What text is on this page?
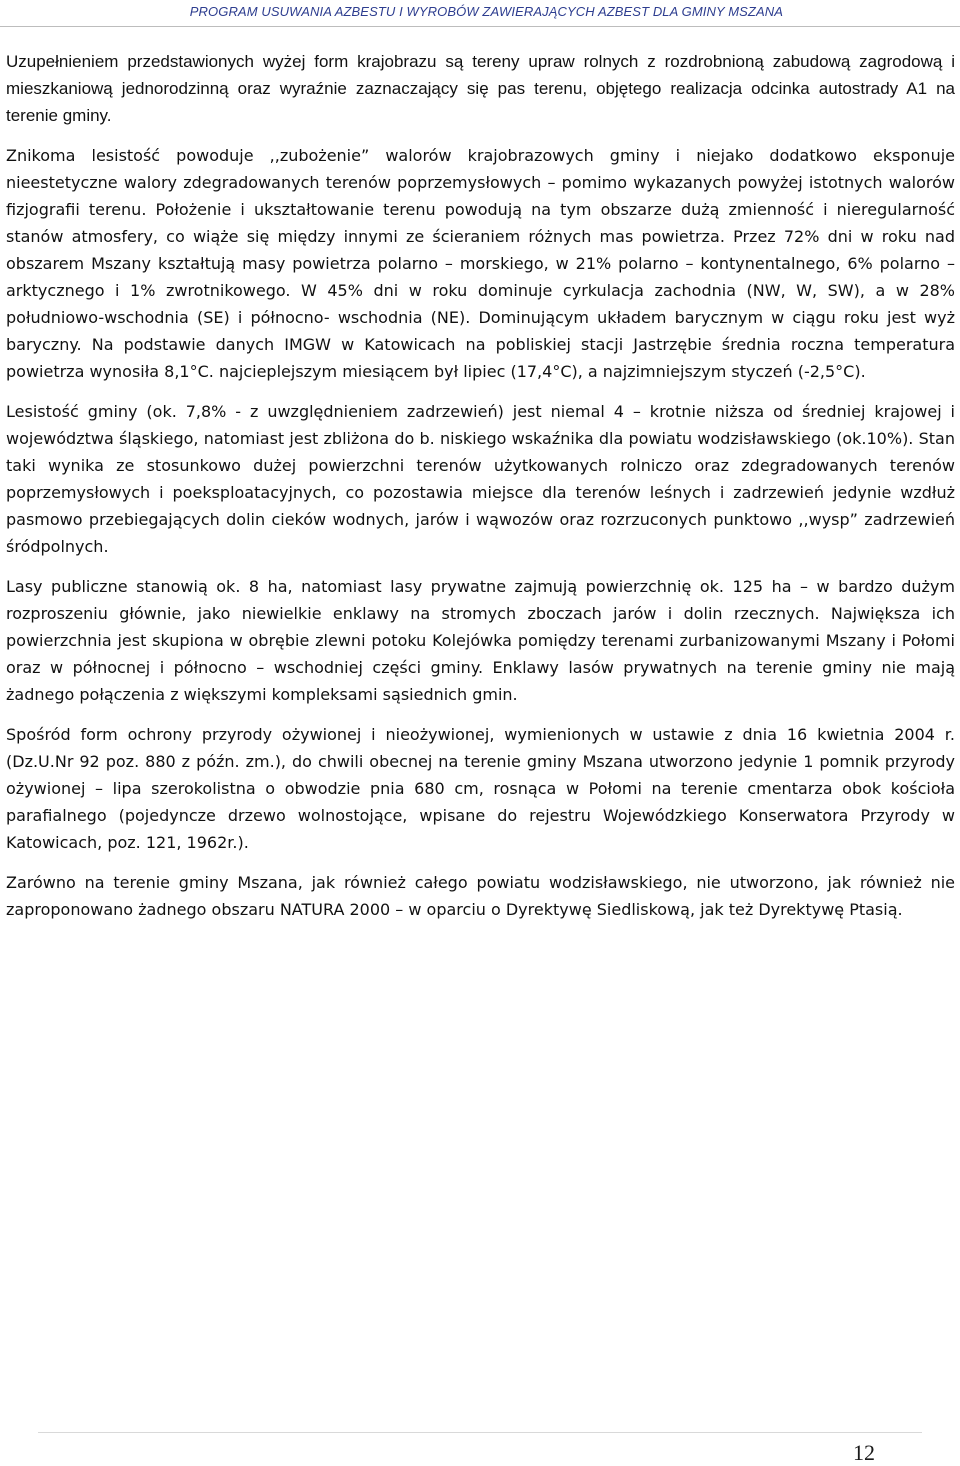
PROGRAM USUWANIA AZBESTU I WYROBÓW ZAWIERAJĄCYCH AZBEST DLA GMINY MSZANA

Uzupełnieniem przedstawionych wyżej form krajobrazu są tereny upraw rolnych z rozdrobnioną zabudową zagrodową i mieszkaniową jednorodzinną oraz wyraźnie zaznaczający się pas terenu, objętego realizacja odcinka autostrady A1 na terenie gminy.

Znikoma lesistość powoduje ,,zubożenie” walorów krajobrazowych gminy i niejako dodatkowo eksponuje nieestetyczne walory zdegradowanych terenów poprzemysłowych – pomimo wykazanych powyżej istotnych walorów fizjografii terenu. Położenie i ukształtowanie terenu powodują na tym obszarze dużą zmienność i nieregularność stanów atmosfery, co wiąże się między innymi ze ścieraniem różnych mas powietrza. Przez 72% dni w roku nad obszarem Mszany kształtują masy powietrza polarno – morskiego, w 21% polarno – kontynentalnego, 6% polarno – arktycznego i 1% zwrotnikowego. W 45% dni w roku dominuje cyrkulacja zachodnia (NW, W, SW), a w 28% południowo-wschodnia (SE) i północno- wschodnia (NE). Dominującym układem barycznym w ciągu roku jest wyż baryczny. Na podstawie danych IMGW w Katowicach na pobliskiej stacji Jastrzębie średnia roczna temperatura powietrza wynosiła 8,1°C. najcieplejszym miesiącem był lipiec (17,4°C), a najzimniejszym styczeń (-2,5°C).

Lesistość gminy (ok. 7,8% - z uwzględnieniem zadrzewień) jest niemal 4 – krotnie niższa od średniej krajowej i województwa śląskiego, natomiast jest zbliżona do b. niskiego wskaźnika dla powiatu wodzisławskiego (ok.10%). Stan taki wynika ze stosunkowo dużej powierzchni terenów użytkowanych rolniczo oraz zdegradowanych terenów poprzemysłowych i poeksploatacyjnych, co pozostawia miejsce dla terenów leśnych i zadrzewień jedynie wzdłuż pasmowo przebiegających dolin cieków wodnych, jarów i wąwozów oraz rozrzuconych punktowo ,,wysp” zadrzewień śródpolnych.

Lasy publiczne stanowią ok. 8 ha, natomiast lasy prywatne zajmują powierzchnię ok. 125 ha – w bardzo dużym rozproszeniu głównie, jako niewielkie enklawy na stromych zboczach jarów i dolin rzecznych. Największa ich powierzchnia jest skupiona w obrębie zlewni potoku Kolejówka pomiędzy terenami zurbanizowanymi Mszany i Połomi oraz w północnej i północno – wschodniej części gminy. Enklawy lasów prywatnych na terenie gminy nie mają żadnego połączenia z większymi kompleksami sąsiednich gmin.

Spośród form ochrony przyrody ożywionej i nieożywionej, wymienionych w ustawie z dnia 16 kwietnia 2004 r. (Dz.U.Nr 92 poz. 880 z późn. zm.), do chwili obecnej na terenie gminy Mszana utworzono jedynie 1 pomnik przyrody ożywionej – lipa szerokolistna o obwodzie pnia 680 cm, rosnąca w Połomi na terenie cmentarza obok kościoła parafialnego (pojedyncze drzewo wolnostojące, wpisane do rejestru Wojewódzkiego Konserwatora Przyrody w Katowicach, poz. 121, 1962r.).

Zarówno na terenie gminy Mszana, jak również całego powiatu wodzisławskiego, nie utworzono, jak również nie zaproponowano żadnego obszaru NATURA 2000 – w oparciu o Dyrektywę Siedliskową, jak też Dyrektywę Ptasią.

12
